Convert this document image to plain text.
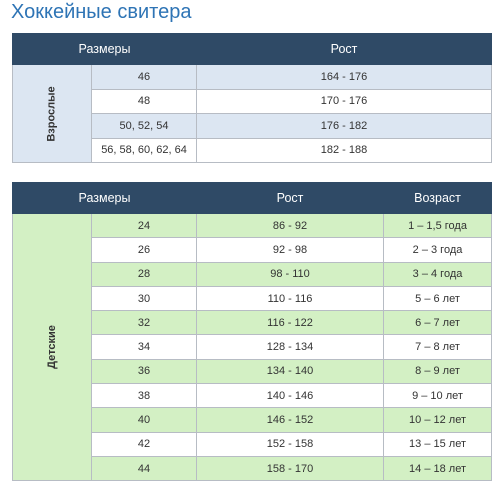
Хоккейные свитера
Размеры		Рост
Взрослые	46	164 - 176
	48	170 - 176
	50, 52, 54	176 - 182
	56, 58, 60, 62, 64	182 - 188
Размеры		Рост	Возраст
Детские	24	86 - 92	1 – 1,5 года
	26	92 - 98	2 – 3 года
	28	98 - 110	3 – 4 года
	30	110 - 116	5 – 6 лет
	32	116 - 122	6 – 7 лет
	34	128 - 134	7 – 8 лет
	36	134 - 140	8 – 9 лет
	38	140 - 146	9 – 10 лет
	40	146 - 152	10 – 12 лет
	42	152 - 158	13 – 15 лет
	44	158 - 170	14 – 18 лет
